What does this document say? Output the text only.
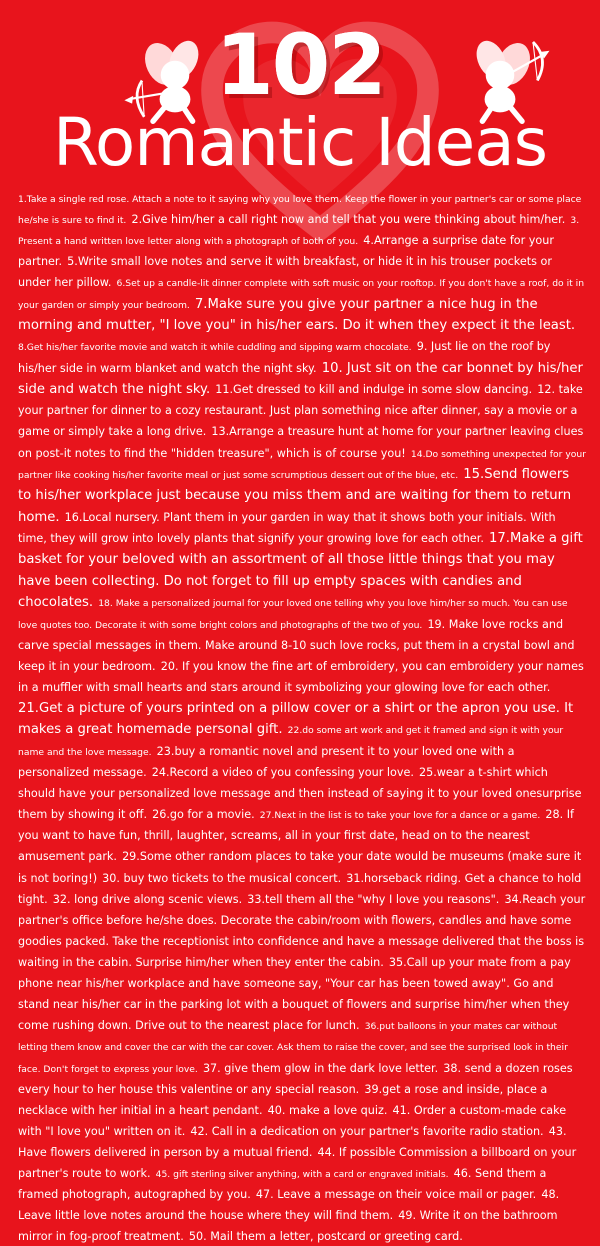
102
Romantic Ideas
1.Take a single red rose. Attach a note to it saying why you love them. Keep the flower in your partner's car or some place he/she is sure to find it. 2.Give him/her a call right now and tell that you were thinking about him/her. 3. Present a hand written love letter along with a photograph of both of you. 4.Arrange a surprise date for your partner. 5.Write small love notes and serve it with breakfast, or hide it in his trouser pockets or under her pillow. 6.Set up a candle-lit dinner complete with soft music on your rooftop. If you don't have a roof, do it in your garden or simply your bedroom. 7.Make sure you give your partner a nice hug in the morning and mutter, "I love you" in his/her ears. Do it when they expect it the least. 8.Get his/her favorite movie and watch it while cuddling and sipping warm chocolate. 9. Just lie on the roof by his/her side in warm blanket and watch the night sky. 10. Just sit on the car bonnet by his/her side and watch the night sky. 11.Get dressed to kill and indulge in some slow dancing. 12. take your partner for dinner to a cozy restaurant. Just plan something nice after dinner, say a movie or a game or simply take a long drive. 13.Arrange a treasure hunt at home for your partner leaving clues on post-it notes to find the "hidden treasure", which is of course you! 14.Do something unexpected for your partner like cooking his/her favorite meal or just some scrumptious dessert out of the blue, etc. 15.Send flowers to his/her workplace just because you miss them and are waiting for them to return home. 16.Local nursery. Plant them in your garden in way that it shows both your initials. With time, they will grow into lovely plants that signify your growing love for each other. 17.Make a gift basket for your beloved with an assortment of all those little things that you may have been collecting. Do not forget to fill up empty spaces with candies and chocolates. 18. Make a personalized journal for your loved one telling why you love him/her so much. You can use love quotes too. Decorate it with some bright colors and photographs of the two of you. 19. Make love rocks and carve special messages in them. Make around 8-10 such love rocks, put them in a crystal bowl and keep it in your bedroom. 20. If you know the fine art of embroidery, you can embroidery your names in a muffler with small hearts and stars around it symbolizing your glowing love for each other. 21.Get a picture of yours printed on a pillow cover or a shirt or the apron you use. It makes a great homemade personal gift. 22.do some art work and get it framed and sign it with your name and the love message. 23.buy a romantic novel and present it to your loved one with a personalized message. 24.Record a video of you confessing your love. 25.wear a t-shirt which should have your personalized love message and then instead of saying it to your loved onesurprise them by showing it off. 26.go for a movie. 27.Next in the list is to take your love for a dance or a game. 28. If you want to have fun, thrill, laughter, screams, all in your first date, head on to the nearest amusement park. 29.Some other random places to take your date would be museums (make sure it is not boring!) 30. buy two tickets to the musical concert. 31.horseback riding. Get a chance to hold tight. 32. long drive along scenic views. 33.tell them all the "why I love you reasons". 34.Reach your partner's office before he/she does. Decorate the cabin/room with flowers, candles and have some goodies packed. Take the receptionist into confidence and have a message delivered that the boss is waiting in the cabin. Surprise him/her when they enter the cabin. 35.Call up your mate from a pay phone near his/her workplace and have someone say, "Your car has been towed away". Go and stand near his/her car in the parking lot with a bouquet of flowers and surprise him/her when they come rushing down. Drive out to the nearest place for lunch. 36.put balloons in your mates car without letting them know and cover the car with the car cover. Ask them to raise the cover, and see the surprised look in their face. Don't forget to express your love. 37. give them glow in the dark love letter. 38. send a dozen roses every hour to her house this valentine or any special reason. 39.get a rose and inside, place a necklace with her initial in a heart pendant. 40. make a love quiz. 41. Order a custom-made cake with "I love you" written on it. 42. Call in a dedication on your partner's favorite radio station. 43. Have flowers delivered in person by a mutual friend. 44. If possible Commission a billboard on your partner's route to work. 45. gift sterling silver anything, with a card or engraved initials. 46. Send them a framed photograph, autographed by you. 47. Leave a message on their voice mail or pager. 48. Leave little love notes around the house where they will find them. 49. Write it on the bathroom mirror in fog-proof treatment. 50. Mail them a letter, postcard or greeting card.
